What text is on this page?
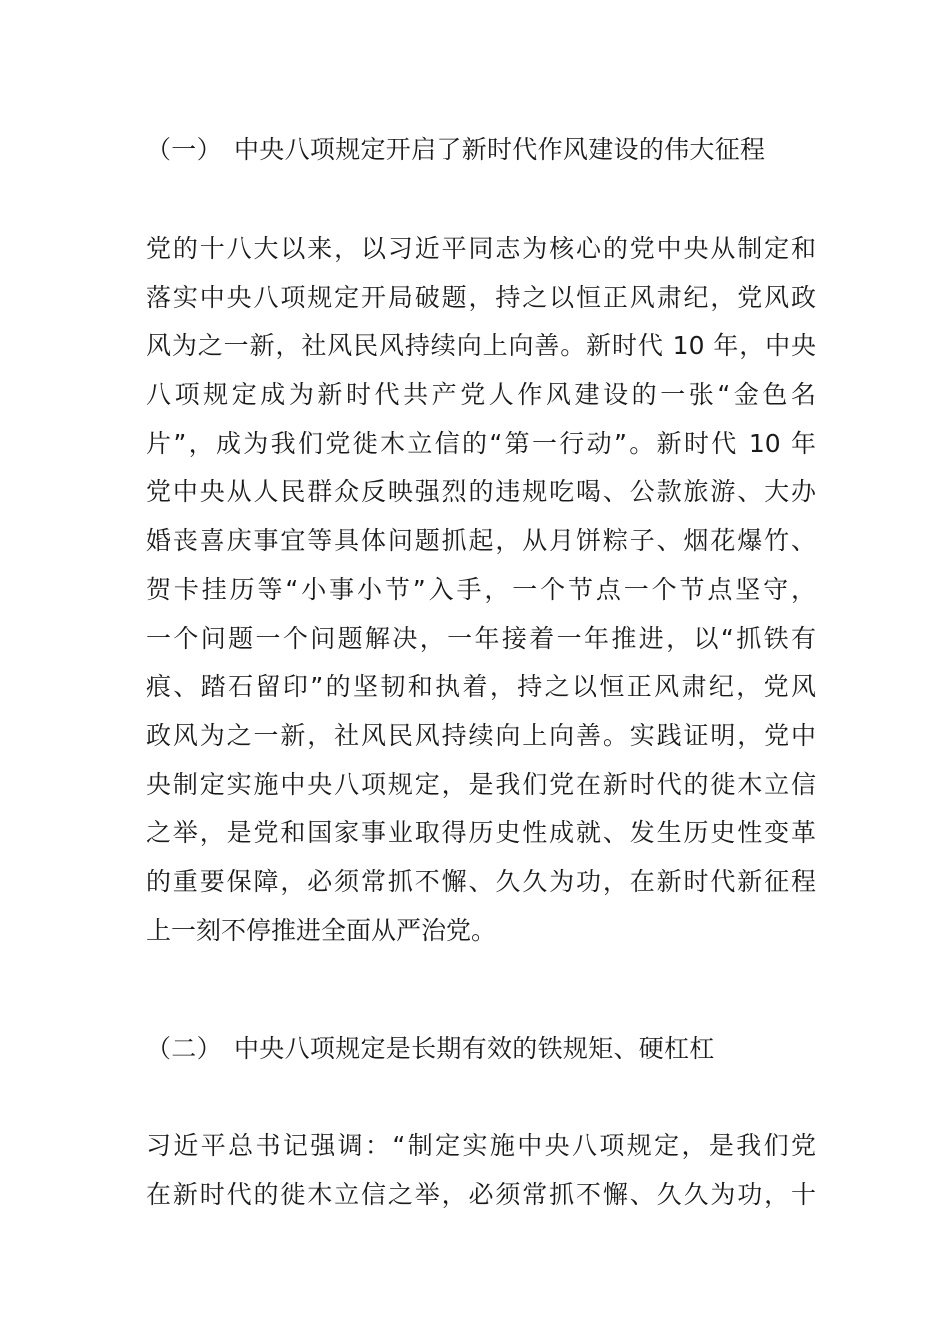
（一） 中央八项规定开启了新时代作风建设的伟大征程
党的十八大以来，以习近平同志为核心的党中央从制定和
落实中央八项规定开局破题，持之以恒正风肃纪，党风政
风为之一新，社风民风持续向上向善。新时代 10 年，中央
八项规定成为新时代共产党人作风建设的一张“金色名
片”，成为我们党徙木立信的“第一行动”。新时代 10 年
党中央从人民群众反映强烈的违规吃喝、公款旅游、大办
婚丧喜庆事宜等具体问题抓起，从月饼粽子、烟花爆竹、
贺卡挂历等“小事小节”入手，一个节点一个节点坚守，
一个问题一个问题解决，一年接着一年推进，以“抓铁有
痕、踏石留印”的坚韧和执着，持之以恒正风肃纪，党风
政风为之一新，社风民风持续向上向善。实践证明，党中
央制定实施中央八项规定，是我们党在新时代的徙木立信
之举，是党和国家事业取得历史性成就、发生历史性变革
的重要保障，必须常抓不懈、久久为功，在新时代新征程
上一刻不停推进全面从严治党。
（二） 中央八项规定是长期有效的铁规矩、硬杠杠
习近平总书记强调：“制定实施中央八项规定，是我们党
在新时代的徙木立信之举，必须常抓不懈、久久为功，十
